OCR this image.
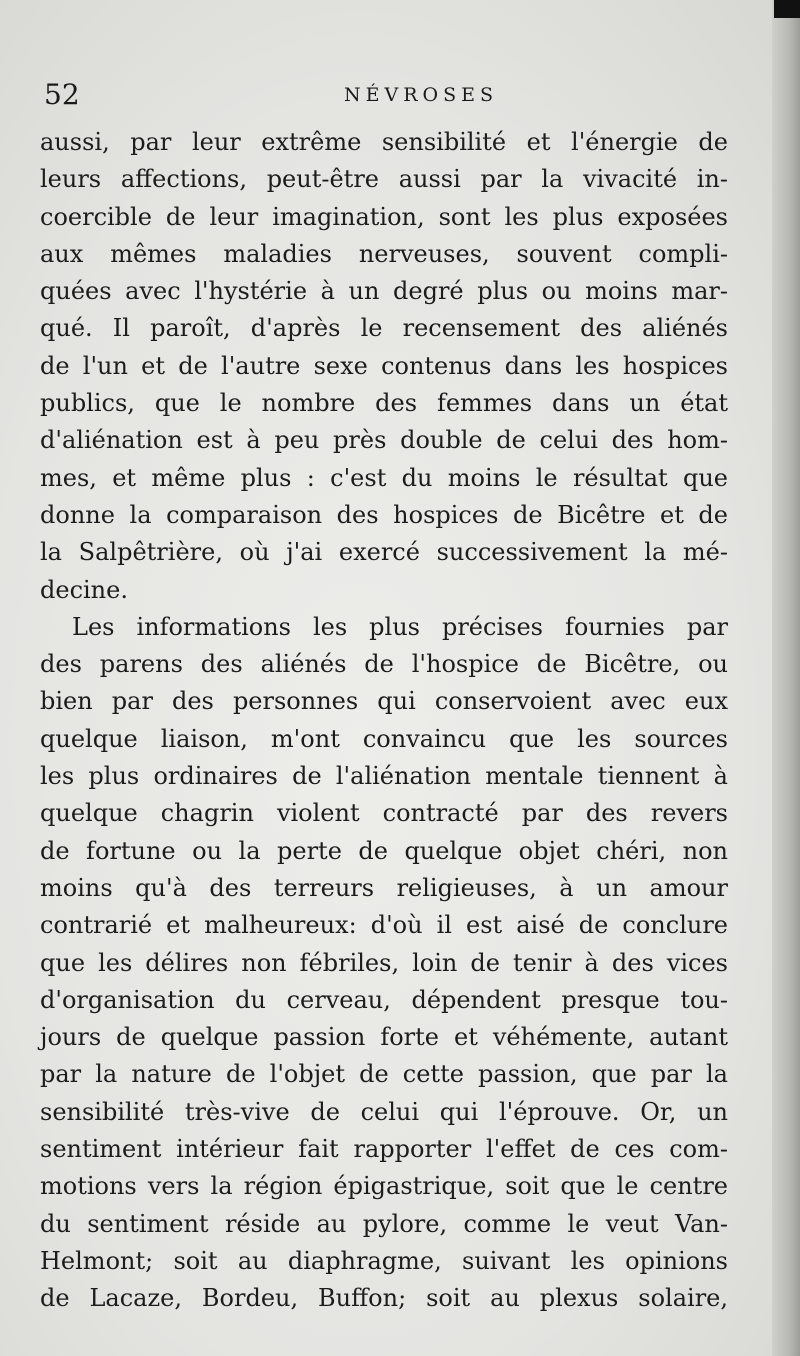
52	NÉVROSES
aussi, par leur extrême sensibilité et l'énergie de
leurs affections, peut-être aussi par la vivacité in-
coercible de leur imagination, sont les plus exposées
aux mêmes maladies nerveuses, souvent compli-
quées avec l'hystérie à un degré plus ou moins mar-
qué. Il paroît, d'après le recensement des aliénés
de l'un et de l'autre sexe contenus dans les hospices
publics, que le nombre des femmes dans un état
d'aliénation est à peu près double de celui des hom-
mes, et même plus : c'est du moins le résultat que
donne la comparaison des hospices de Bicêtre et de
la Salpêtrière, où j'ai exercé successivement la mé-
decine.
Les informations les plus précises fournies par
des parens des aliénés de l'hospice de Bicêtre, ou
bien par des personnes qui conservoient avec eux
quelque liaison, m'ont convaincu que les sources
les plus ordinaires de l'aliénation mentale tiennent à
quelque chagrin violent contracté par des revers
de fortune ou la perte de quelque objet chéri, non
moins qu'à des terreurs religieuses, à un amour
contrarié et malheureux: d'où il est aisé de conclure
que les délires non fébriles, loin de tenir à des vices
d'organisation du cerveau, dépendent presque tou-
jours de quelque passion forte et véhémente, autant
par la nature de l'objet de cette passion, que par la
sensibilité très-vive de celui qui l'éprouve. Or, un
sentiment intérieur fait rapporter l'effet de ces com-
motions vers la région épigastrique, soit que le centre
du sentiment réside au pylore, comme le veut Van-
Helmont; soit au diaphragme, suivant les opinions
de Lacaze, Bordeu, Buffon; soit au plexus solaire,
